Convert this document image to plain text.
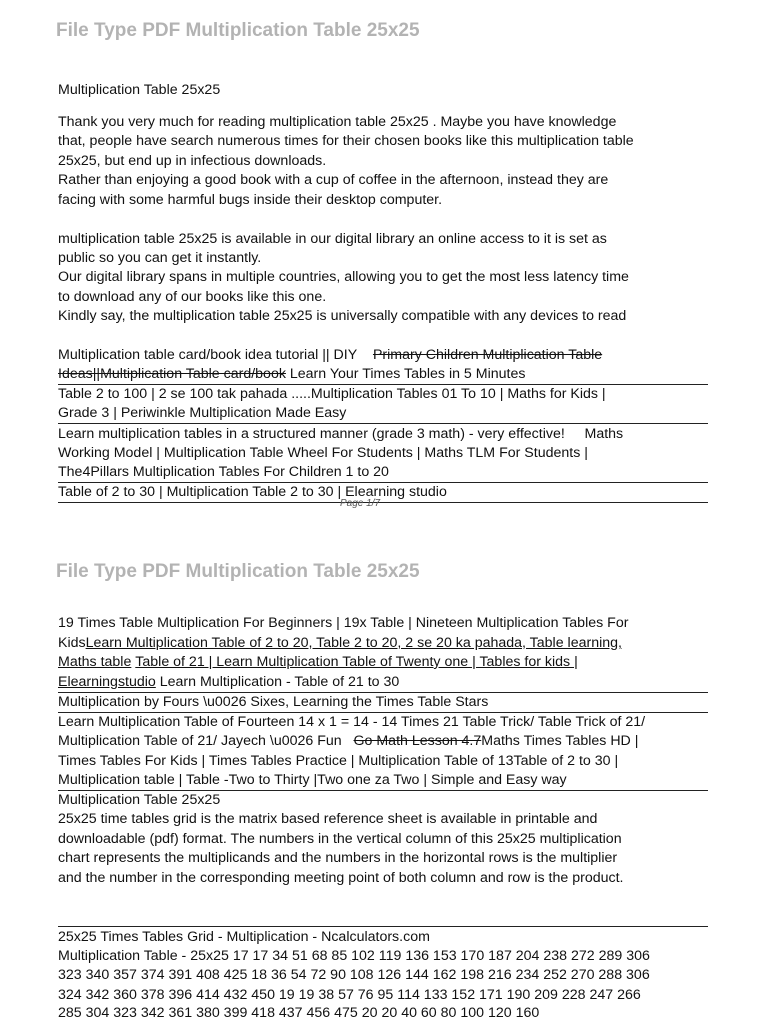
File Type PDF Multiplication Table 25x25
Multiplication Table 25x25
Thank you very much for reading multiplication table 25x25 . Maybe you have knowledge
that, people have search numerous times for their chosen books like this multiplication table
25x25, but end up in infectious downloads.
Rather than enjoying a good book with a cup of coffee in the afternoon, instead they are
facing with some harmful bugs inside their desktop computer.
multiplication table 25x25 is available in our digital library an online access to it is set as
public so you can get it instantly.
Our digital library spans in multiple countries, allowing you to get the most less latency time
to download any of our books like this one.
Kindly say, the multiplication table 25x25 is universally compatible with any devices to read
Multiplication table card/book idea tutorial || DIY Primary Children Multiplication Table
Ideas||Multiplication Table card/book Learn Your Times Tables in 5 Minutes
Table 2 to 100 | 2 se 100 tak pahada .....Multiplication Tables 01 To 10 | Maths for Kids |
Grade 3 | Periwinkle Multiplication Made Easy
Learn multiplication tables in a structured manner (grade 3 math) - very effective! Maths
Working Model | Multiplication Table Wheel For Students | Maths TLM For Students |
The4Pillars Multiplication Tables For Children 1 to 20
Table of 2 to 30 | Multiplication Table 2 to 30 | Elearning studio
Page 1/7
File Type PDF Multiplication Table 25x25
19 Times Table Multiplication For Beginners | 19x Table | Nineteen Multiplication Tables For
KidsLearn Multiplication Table of 2 to 20, Table 2 to 20, 2 se 20 ka pahada, Table learning,
Maths table Table of 21 | Learn Multiplication Table of Twenty one | Tables for kids |
Elearningstudio Learn Multiplication - Table of 21 to 30
Multiplication by Fours \u0026 Sixes, Learning the Times Table Stars
Learn Multiplication Table of Fourteen 14 x 1 = 14 - 14 Times 21 Table Trick/ Table Trick of 21/
Multiplication Table of 21/ Jayech \u0026 Fun Go Math Lesson 4.7Maths Times Tables HD |
Times Tables For Kids | Times Tables Practice | Multiplication Table of 13Table of 2 to 30 |
Multiplication table | Table -Two to Thirty |Two one za Two | Simple and Easy way
Multiplication Table 25x25
25x25 time tables grid is the matrix based reference sheet is available in printable and
downloadable (pdf) format. The numbers in the vertical column of this 25x25 multiplication
chart represents the multiplicands and the numbers in the horizontal rows is the multiplier
and the number in the corresponding meeting point of both column and row is the product.
25x25 Times Tables Grid - Multiplication - Ncalculators.com
Multiplication Table - 25x25 17 17 34 51 68 85 102 119 136 153 170 187 204 238 272 289 306
323 340 357 374 391 408 425 18 36 54 72 90 108 126 144 162 198 216 234 252 270 288 306
324 342 360 378 396 414 432 450 19 19 38 57 76 95 114 133 152 171 190 209 228 247 266
285 304 323 342 361 380 399 418 437 456 475 20 20 40 60 80 100 120 160
